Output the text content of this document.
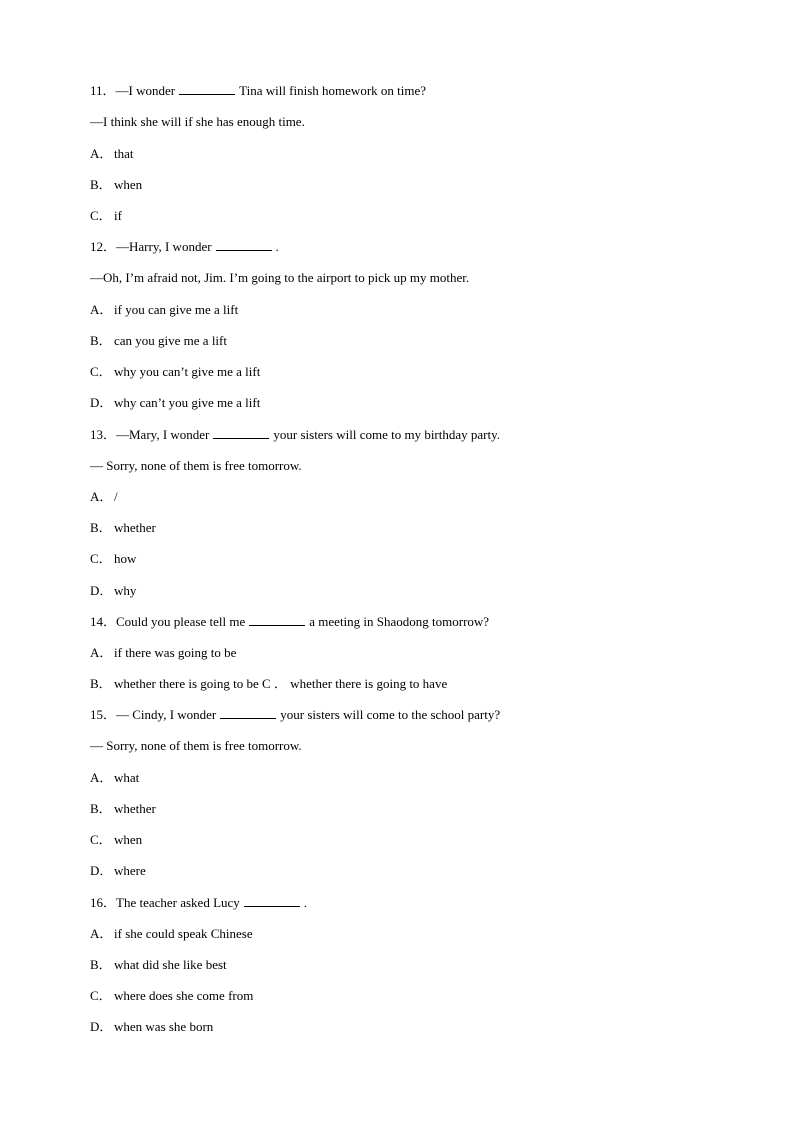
11．—I wonder	Tina will finish homework on time?
—I think she will if she has enough time.
A． that
B． when
C． if
12．—Harry, I wonder	.
—Oh, I’m afraid not, Jim. I’m going to the airport to pick up my mother.
A． if you can give me a lift
B． can you give me a lift
C． why you can’t give me a lift
D． why can’t you give me a lift
13．—Mary, I wonder	your sisters will come to my birthday party.
— Sorry, none of them is free tomorrow.
A． /
B． whether
C． how
D． why
14．Could you please tell me	a meeting in Shaodong tomorrow?
A． if there was going to be
B． whether there is going to be C ． whether there is going to have
15．— Cindy, I wonder	your sisters will come to the school party?
— Sorry, none of them is free tomorrow.
A． what
B． whether
C． when
D． where
16．The teacher asked Lucy	.
A． if she could speak Chinese
B． what did she like best
C． where does she come from
D． when was she born
